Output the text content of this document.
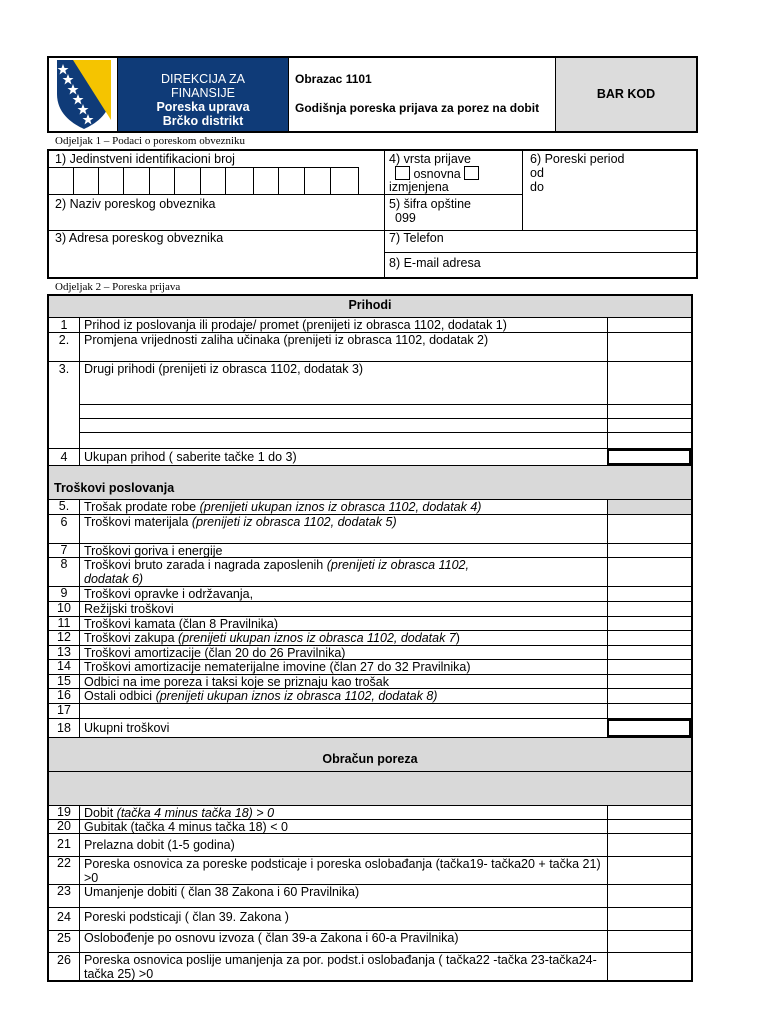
DIREKCIJA ZA
FINANSIJE
Poreska uprava
Brčko distrikt
Obrazac 1101
Godišnja poreska prijava za porez na dobit
BAR KOD
Odjeljak 1 – Podaci o poreskom obvezniku
1) Jedinstveni identifikacioni broj	4) vrsta prijave
osnovna
izmjenjena
6) Poreski period
od
do
2) Naziv poreskog obveznika	5) šifra opštine
099
3) Adresa poreskog obveznika	7) Telefon
8) E-mail adresa
Odjeljak 2 – Poreska prijava
Prihodi
1	Prihod iz poslovanja ili prodaje/ promet (prenijeti iz obrasca 1102, dodatak 1)
2.	Promjena vrijednosti zaliha učinaka (prenijeti iz obrasca 1102, dodatak 2)
3.	Drugi prihodi (prenijeti iz obrasca 1102, dodatak 3)
4	Ukupan prihod ( saberite tačke 1 do 3)
Troškovi poslovanja
5.	Trošak prodate robe (prenijeti ukupan iznos iz obrasca 1102, dodatak 4)
6	Troškovi materijala (prenijeti iz obrasca 1102, dodatak 5)
7	Troškovi goriva i energije
8	Troškovi bruto zarada i nagrada zaposlenih (prenijeti iz obrasca 1102,
dodatak 6)
9	Troškovi opravke i održavanja,
10	Režijski troškovi
11	Troškovi kamata (član 8 Pravilnika)
12	Troškovi zakupa (prenijeti ukupan iznos iz obrasca 1102, dodatak 7)
13	Troškovi amortizacije (član 20 do 26 Pravilnika)
14	Troškovi amortizacije nematerijalne imovine (član 27 do 32 Pravilnika)
15	Odbici na ime poreza i taksi koje se priznaju kao trošak
16	Ostali odbici (prenijeti ukupan iznos iz obrasca 1102, dodatak 8)
17
18	Ukupni troškovi
Obračun poreza
19	Dobit (tačka 4 minus tačka 18) > 0
20	Gubitak (tačka 4 minus tačka 18) < 0
21	Prelazna dobit (1-5 godina)
22	Poreska osnovica za poreske podsticaje i poreska oslobađanja (tačka19- tačka20 + tačka 21) >0
23	Umanjenje dobiti ( član 38 Zakona i 60 Pravilnika)
24	Poreski podsticaji ( član 39. Zakona )
25	Oslobođenje po osnovu izvoza ( član 39-a Zakona i 60-a Pravilnika)
26	Poreska osnovica poslije umanjenja za por. podst.i oslobađanja ( tačka22 -tačka 23-tačka24-tačka 25) >0
